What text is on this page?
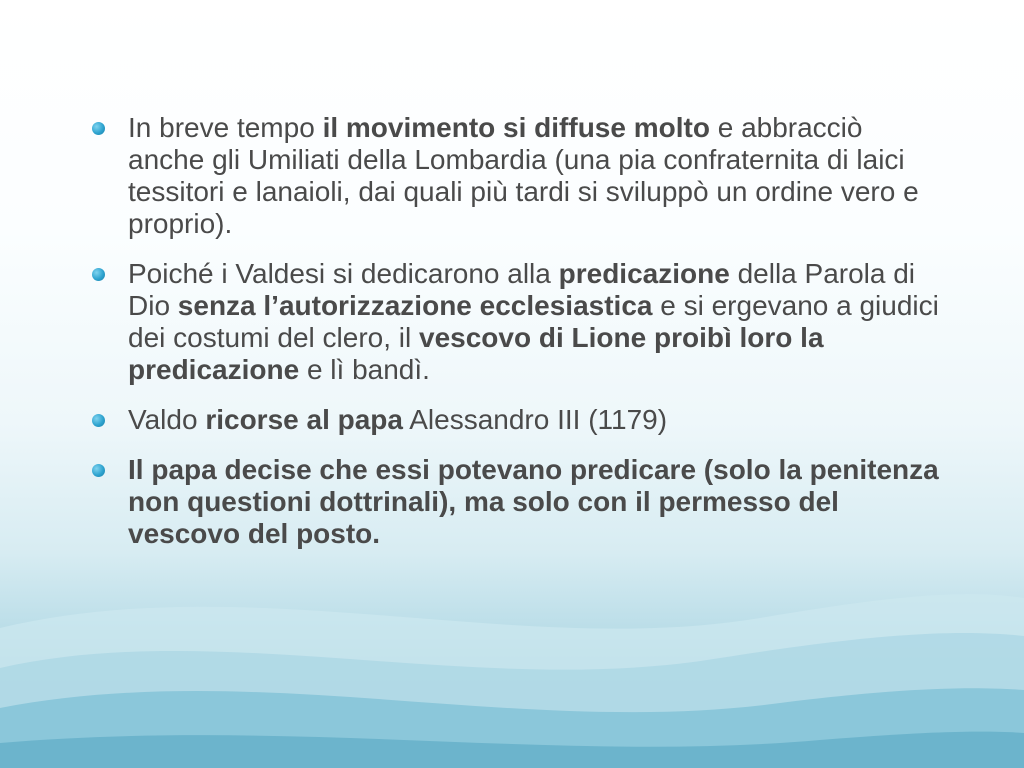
In breve tempo il movimento si diffuse molto e abbracciò anche gli Umiliati della Lombardia (una pia confraternita di laici tessitori e lanaioli, dai quali più tardi si sviluppò un ordine vero e proprio).
Poiché i Valdesi si dedicarono alla predicazione della Parola di Dio senza l’autorizzazione ecclesiastica e si ergevano a giudici dei costumi del clero, il vescovo di Lione proibì loro la predicazione e lì bandì.
Valdo ricorse al papa Alessandro III (1179)
Il papa decise che essi potevano predicare (solo la penitenza non questioni dottrinali), ma solo con il permesso del vescovo del posto.
